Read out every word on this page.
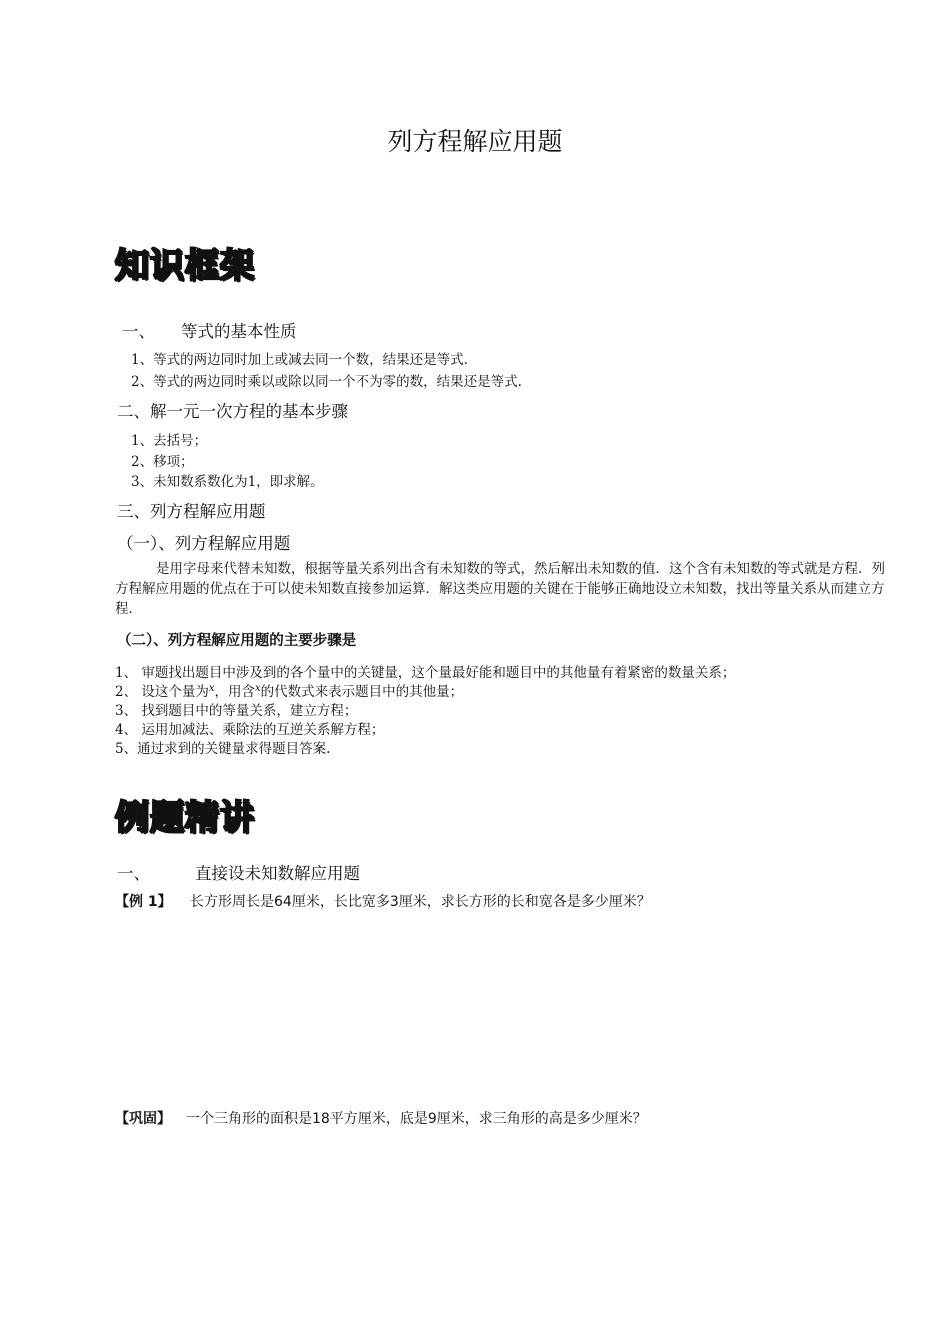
列方程解应用题
知识框架
一、 等式的基本性质
1、等式的两边同时加上或减去同一个数，结果还是等式.
2、等式的两边同时乘以或除以同一个不为零的数，结果还是等式.
二、解一元一次方程的基本步骤
1、去括号；
2、移项；
3、未知数系数化为1，即求解。
三、列方程解应用题
（一）、列方程解应用题
是用字母来代替未知数，根据等量关系列出含有未知数的等式，然后解出未知数的值．这个含有未知数的等式就是方程．列方程解应用题的优点在于可以使未知数直接参加运算．解这类应用题的关键在于能够正确地设立未知数，找出等量关系从而建立方程．
（二）、列方程解应用题的主要步骤是
1、 审题找出题目中涉及到的各个量中的关键量，这个量最好能和题目中的其他量有着紧密的数量关系；
2、 设这个量为$^x$，用含$^x$的代数式来表示题目中的其他量；
3、 找到题目中的等量关系，建立方程；
4、 运用加减法、乘除法的互逆关系解方程；
5、通过求到的关键量求得题目答案.
例题精讲
一、	直接设未知数解应用题
【例 1】 长方形周长是64厘米，长比宽多3厘米，求长方形的长和宽各是多少厘米？
【巩固】 一个三角形的面积是18平方厘米，底是9厘米，求三角形的高是多少厘米？
